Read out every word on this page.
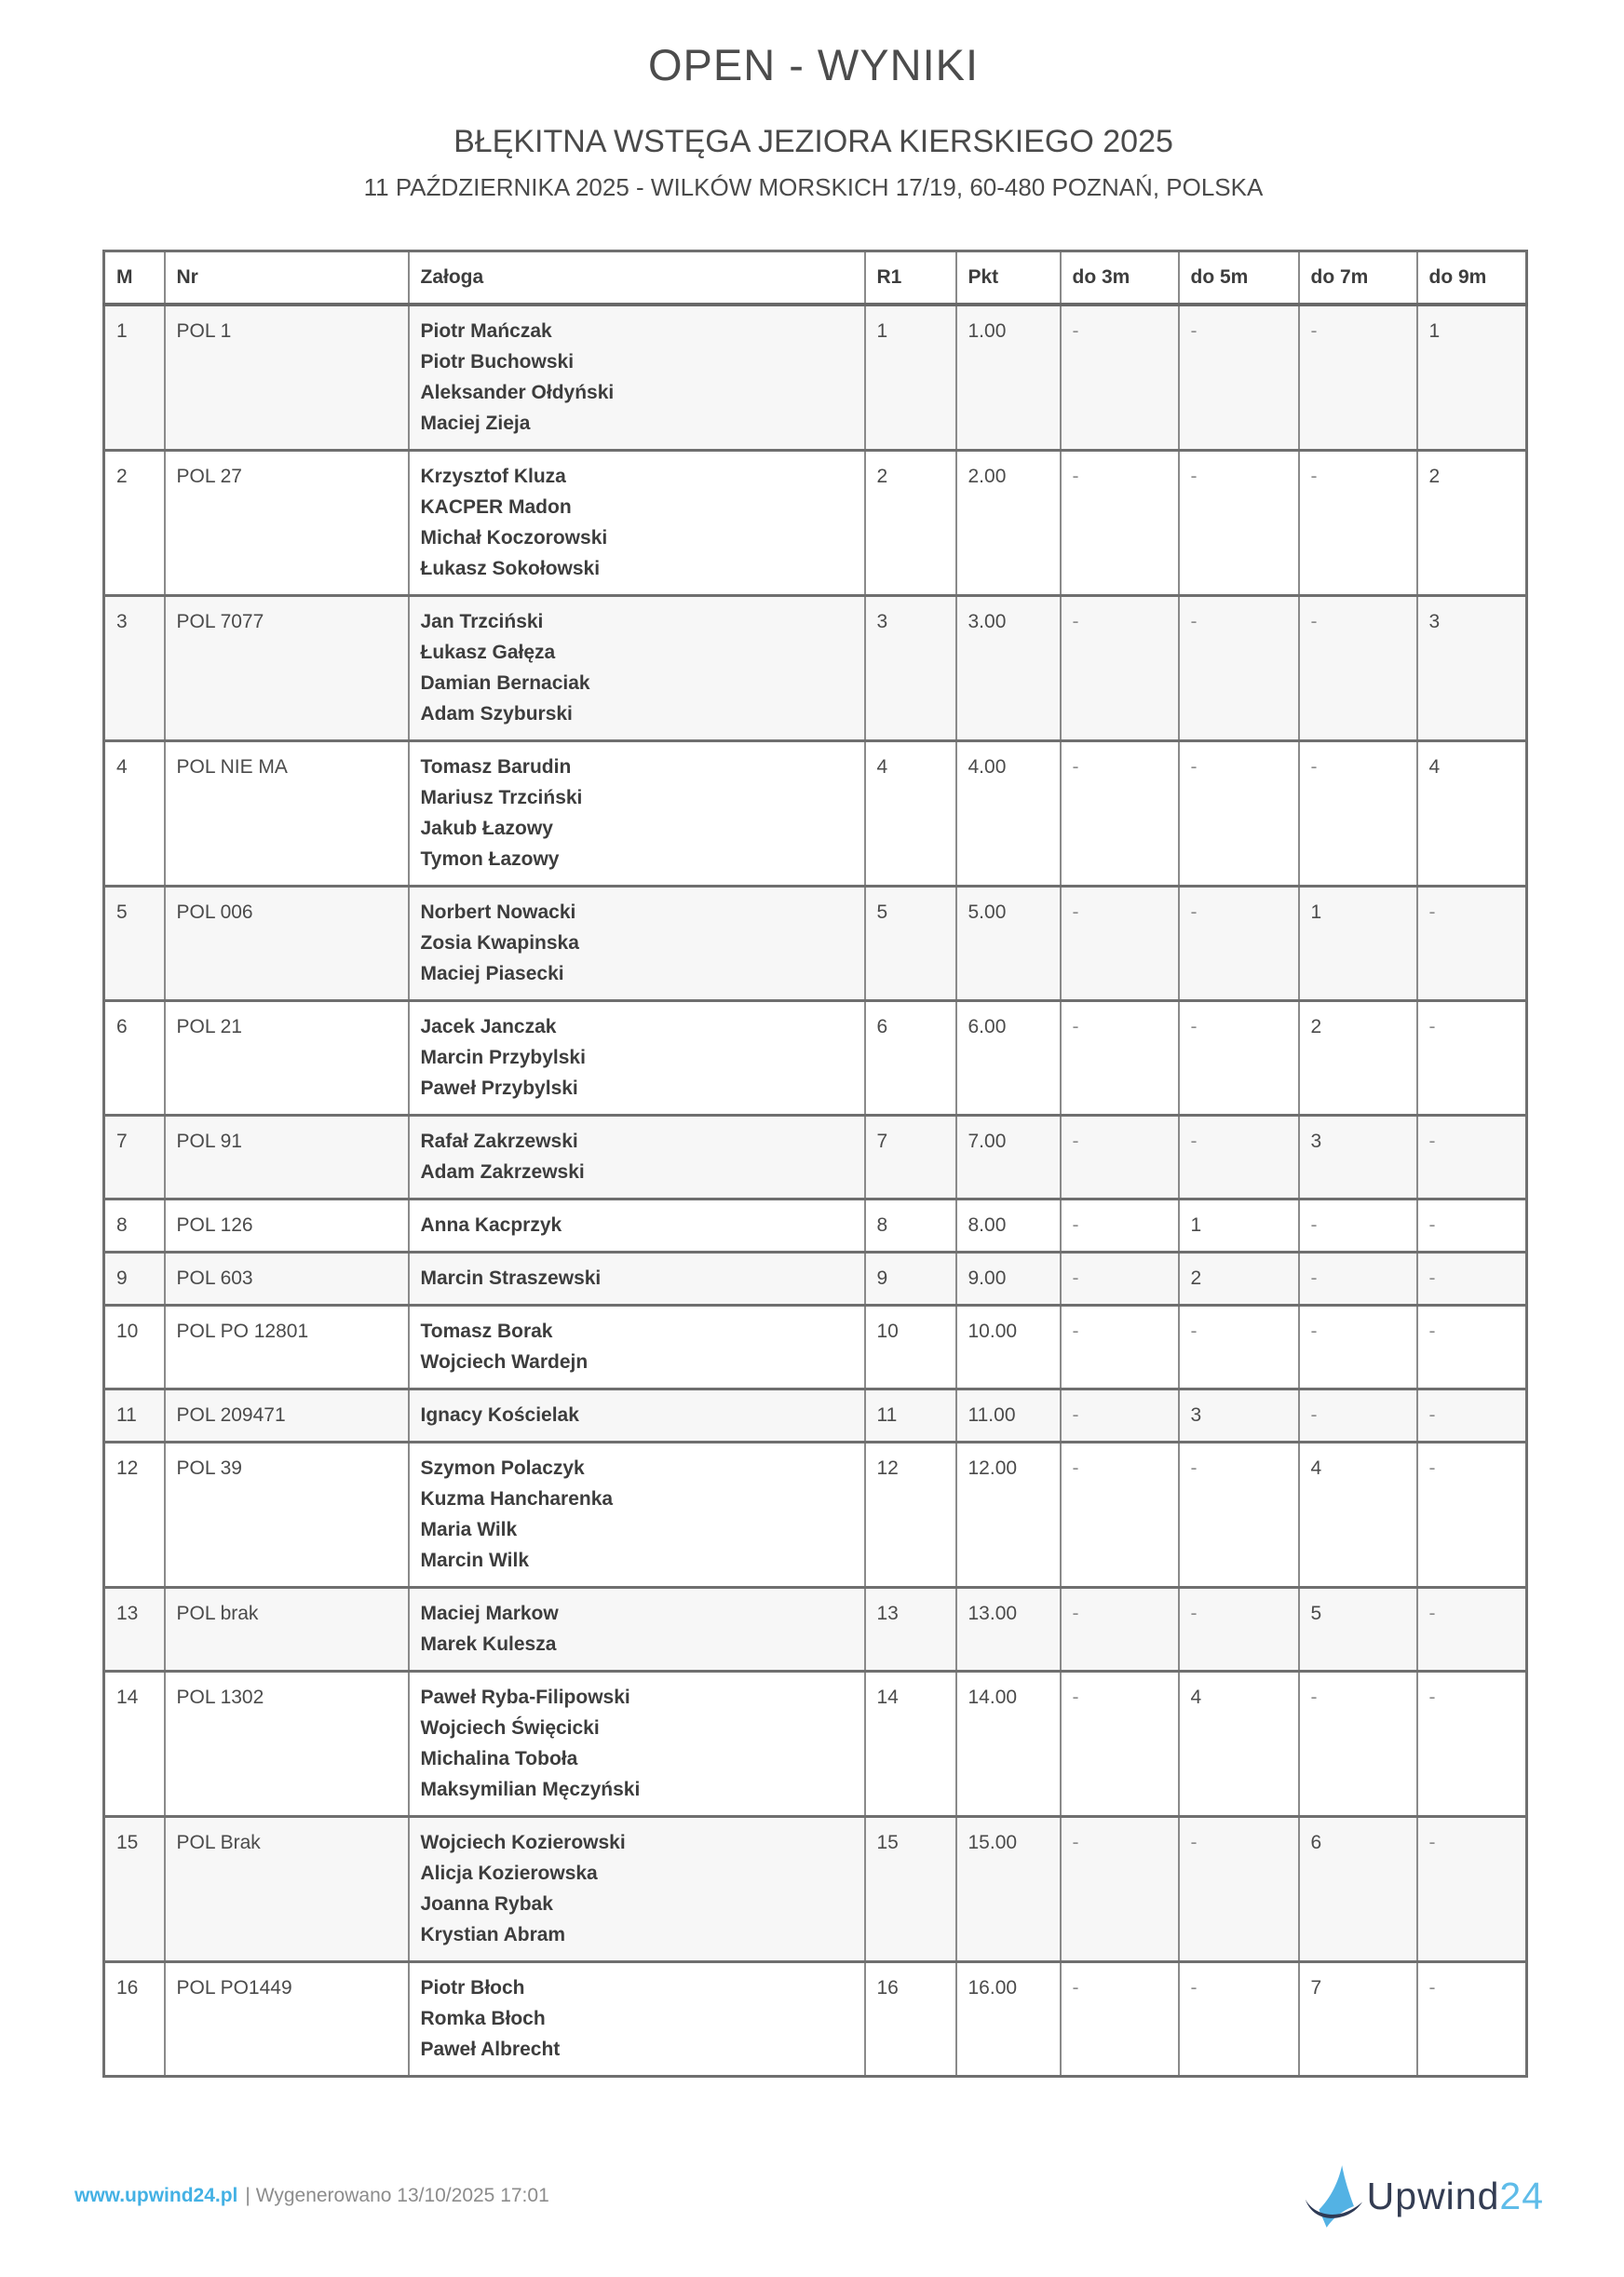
OPEN - WYNIKI
BŁĘKITNA WSTĘGA JEZIORA KIERSKIEGO 2025
11 PAŹDZIERNIKA 2025 - WILKÓW MORSKICH 17/19, 60-480 POZNAŃ, POLSKA
M	Nr	Załoga	R1	Pkt	do 3m	do 5m	do 7m	do 9m
1	POL 1	Piotr Mańczak
Piotr Buchowski
Aleksander Ołdyński
Maciej Zieja	1	1.00	-	-	-	1
2	POL 27	Krzysztof Kluza
KACPER Madon
Michał Koczorowski
Łukasz Sokołowski	2	2.00	-	-	-	2
3	POL 7077	Jan Trzciński
Łukasz Gałęza
Damian Bernaciak
Adam Szyburski	3	3.00	-	-	-	3
4	POL NIE MA	Tomasz Barudin
Mariusz Trzciński
Jakub Łazowy
Tymon Łazowy	4	4.00	-	-	-	4
5	POL 006	Norbert Nowacki
Zosia Kwapinska
Maciej Piasecki	5	5.00	-	-	1	-
6	POL 21	Jacek Janczak
Marcin Przybylski
Paweł Przybylski	6	6.00	-	-	2	-
7	POL 91	Rafał Zakrzewski
Adam Zakrzewski	7	7.00	-	-	3	-
8	POL 126	Anna Kacprzyk	8	8.00	-	1	-	-
9	POL 603	Marcin Straszewski	9	9.00	-	2	-	-
10	POL PO 12801	Tomasz Borak
Wojciech Wardejn	10	10.00	-	-	-	-
11	POL 209471	Ignacy Kościelak	11	11.00	-	3	-	-
12	POL 39	Szymon Polaczyk
Kuzma Hancharenka
Maria Wilk
Marcin Wilk	12	12.00	-	-	4	-
13	POL brak	Maciej Markow
Marek Kulesza	13	13.00	-	-	5	-
14	POL 1302	Paweł Ryba-Filipowski
Wojciech Święcicki
Michalina Toboła
Maksymilian Męczyński	14	14.00	-	4	-	-
15	POL Brak	Wojciech Kozierowski
Alicja Kozierowska
Joanna Rybak
Krystian Abram	15	15.00	-	-	6	-
16	POL PO1449	Piotr Błoch
Romka Błoch
Paweł Albrecht	16	16.00	-	-	7	-
www.upwind24.pl | Wygenerowano 13/10/2025 17:01	Upwind24
